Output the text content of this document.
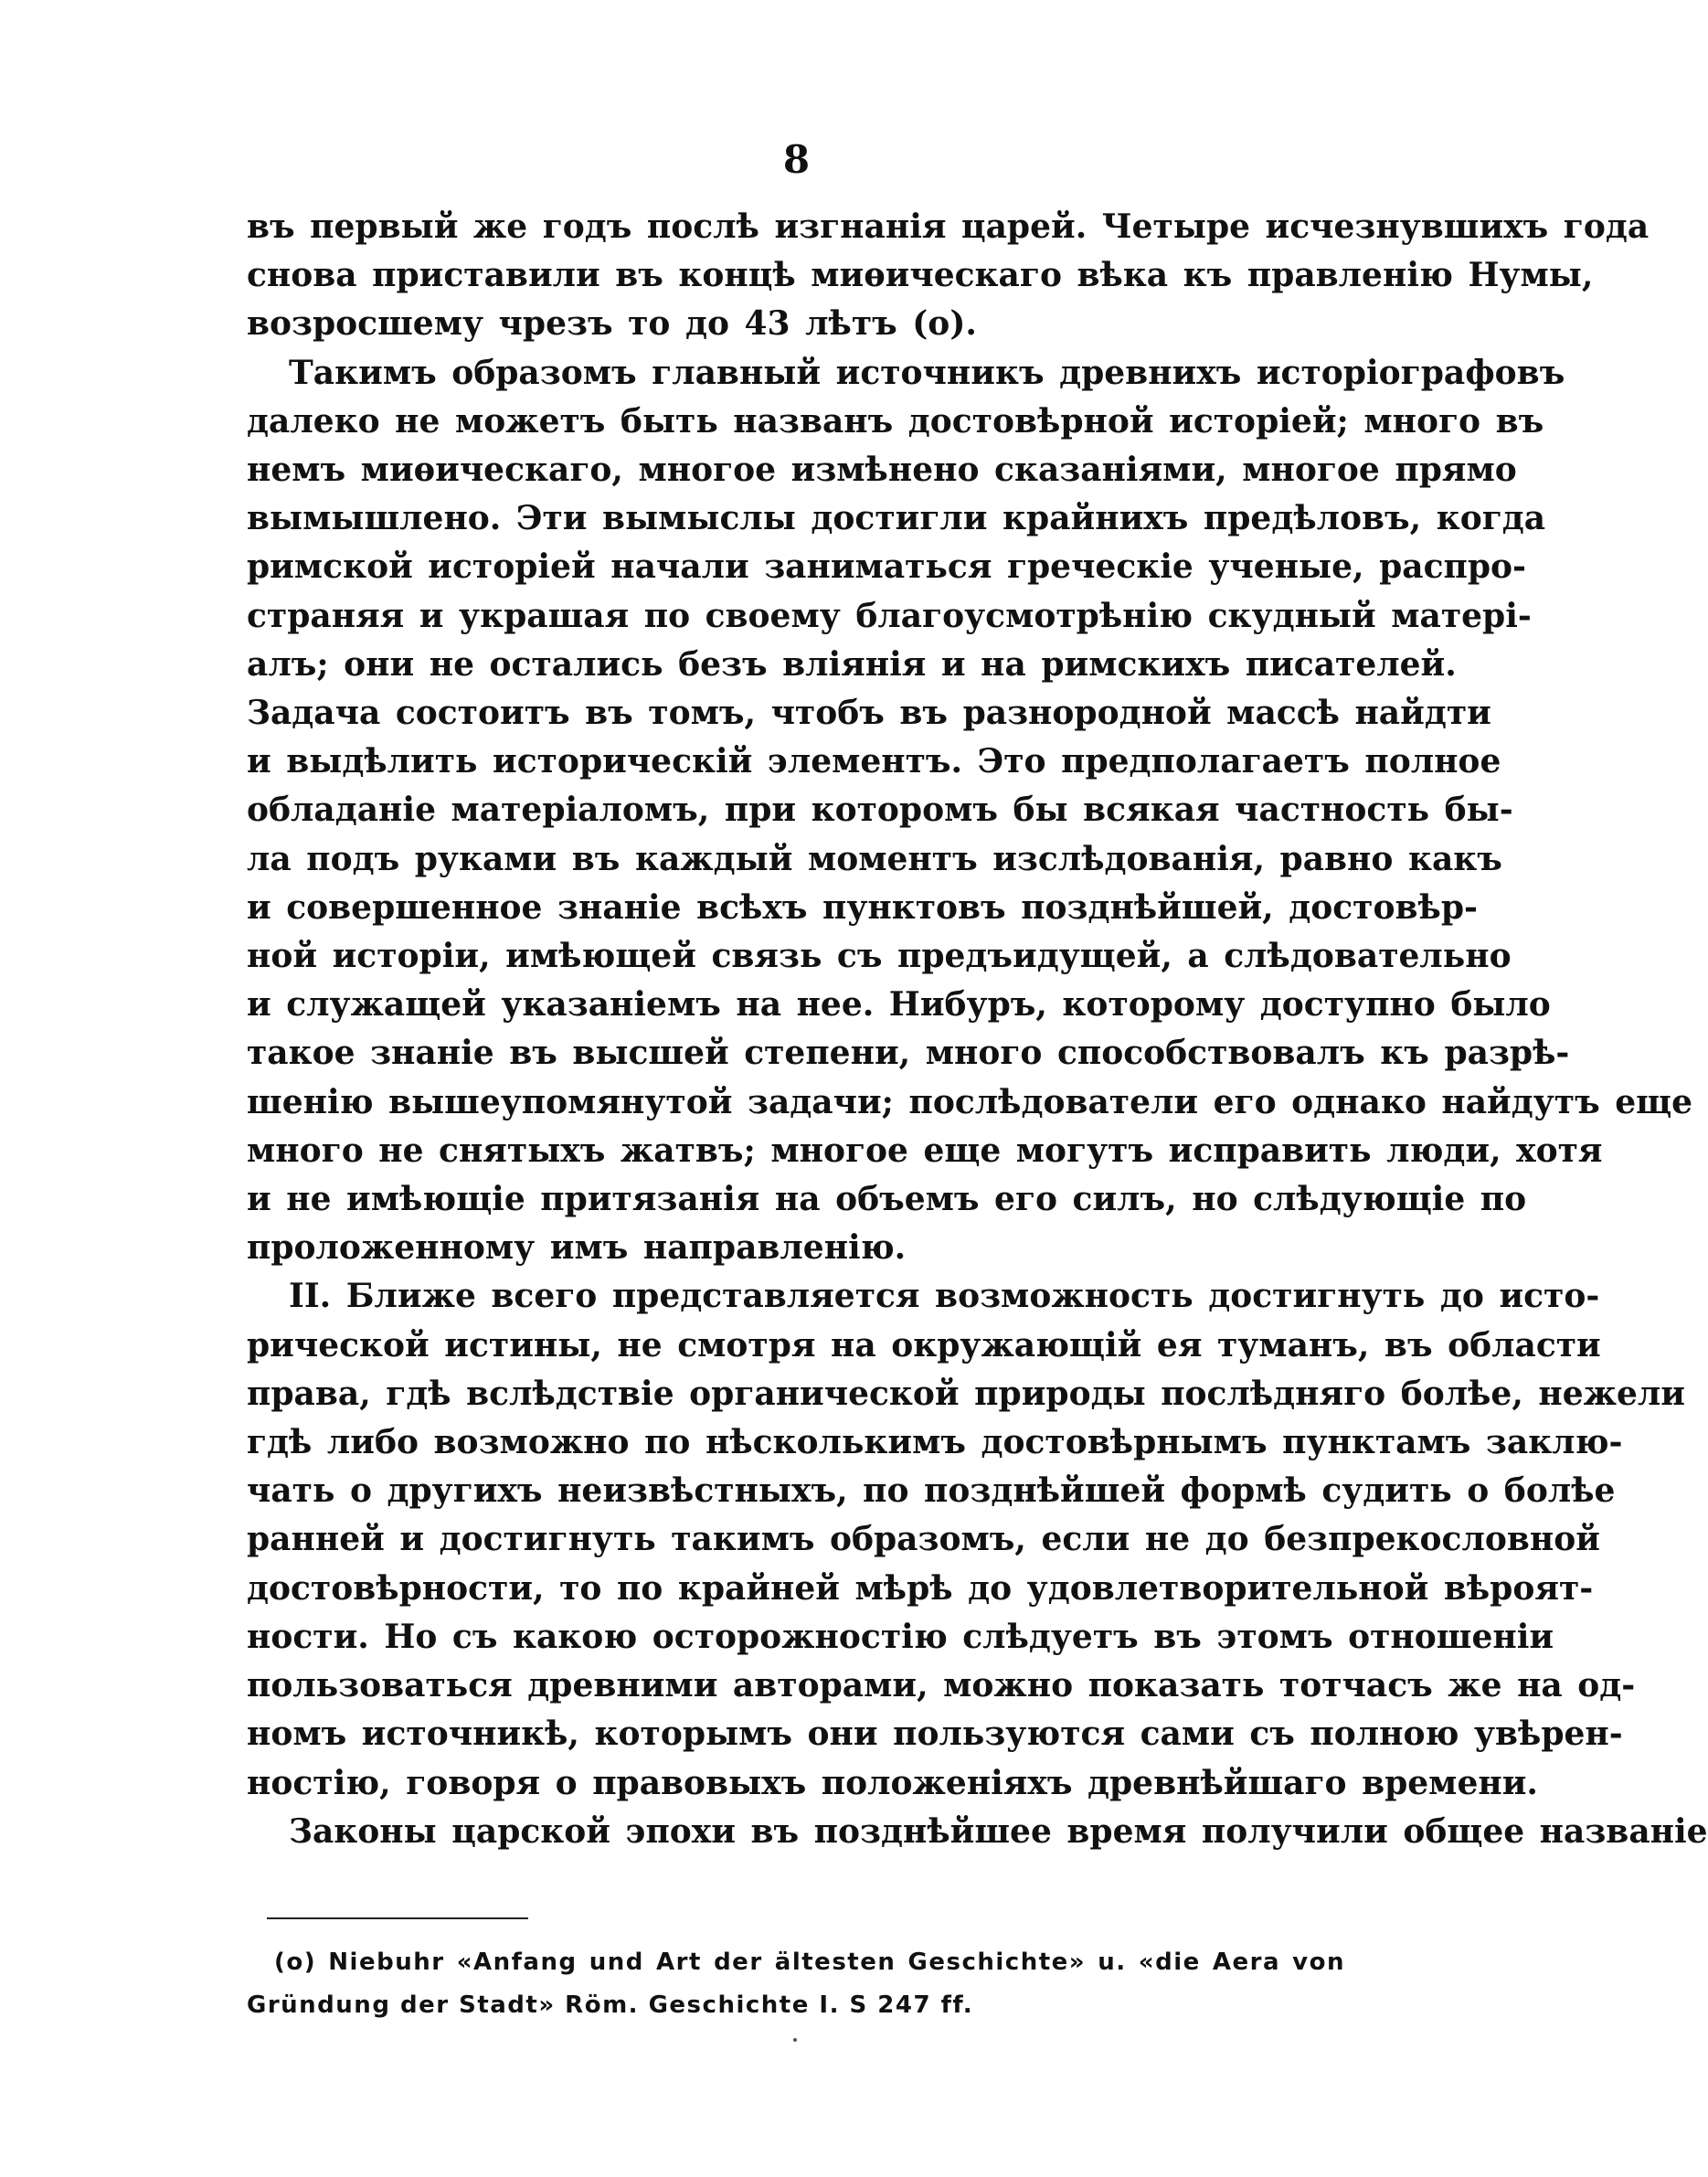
8

въ первый же годъ послѣ изгнанія царей. Четыре исчезнувшихъ года
снова приставили въ концѣ миѳическаго вѣка къ правленію Нумы,
возросшему чрезъ то до 43 лѣтъ (о).

Такимъ образомъ главный источникъ древнихъ исторіографовъ
далеко не можетъ быть названъ достовѣрной исторіей; много въ
немъ миѳическаго, многое измѣнено сказаніями, многое прямо
вымышлено. Эти вымыслы достигли крайнихъ предѣловъ, когда
римской исторіей начали заниматься греческіе ученые, распро-
страняя и украшая по своему благоусмотрѣнію скудный матері-
алъ; они не остались безъ вліянія и на римскихъ писателей.
Задача состоитъ въ томъ, чтобъ въ разнородной массѣ найдти
и выдѣлить историческій элементъ. Это предполагаетъ полное
обладаніе матеріаломъ, при которомъ бы всякая частность бы-
ла подъ руками въ каждый моментъ изслѣдованія, равно какъ
и совершенное знаніе всѣхъ пунктовъ позднѣйшей, достовѣр-
ной исторіи, имѣющей связь съ предъидущей, а слѣдовательно
и служащей указаніемъ на нее. Нибуръ, которому доступно было
такое знаніе въ высшей степени, много способствовалъ къ разрѣ-
шенію вышеупомянутой задачи; послѣдователи его однако найдутъ еще
много не снятыхъ жатвъ; многое еще могутъ исправить люди, хотя
и не имѣющіе притязанія на объемъ его силъ, но слѣдующіе по
проложенному имъ направленію.

II. Ближе всего представляется возможность достигнуть до исто-
рической истины, не смотря на окружающій ея туманъ, въ области
права, гдѣ вслѣдствіе органической природы послѣдняго болѣе, нежели
гдѣ либо возможно по нѣсколькимъ достовѣрнымъ пунктамъ заклю-
чать о другихъ неизвѣстныхъ, по позднѣйшей формѣ судить о болѣе
ранней и достигнуть такимъ образомъ, если не до безпрекословной
достовѣрности, то по крайней мѣрѣ до удовлетворительной вѣроят-
ности. Но съ какою осторожностію слѣдуетъ въ этомъ отношеніи
пользоваться древними авторами, можно показать тотчасъ же на од-
номъ источникѣ, которымъ они пользуются сами съ полною увѣрен-
ностію, говоря о правовыхъ положеніяхъ древнѣйшаго времени.

Законы царской эпохи въ позднѣйшее время получили общее названіе

(о) Niebuhr «Anfang und Art der ältesten Geschichte» u. «die Aera von
Gründung der Stadt» Röm. Geschichte I. S 247 ff.
